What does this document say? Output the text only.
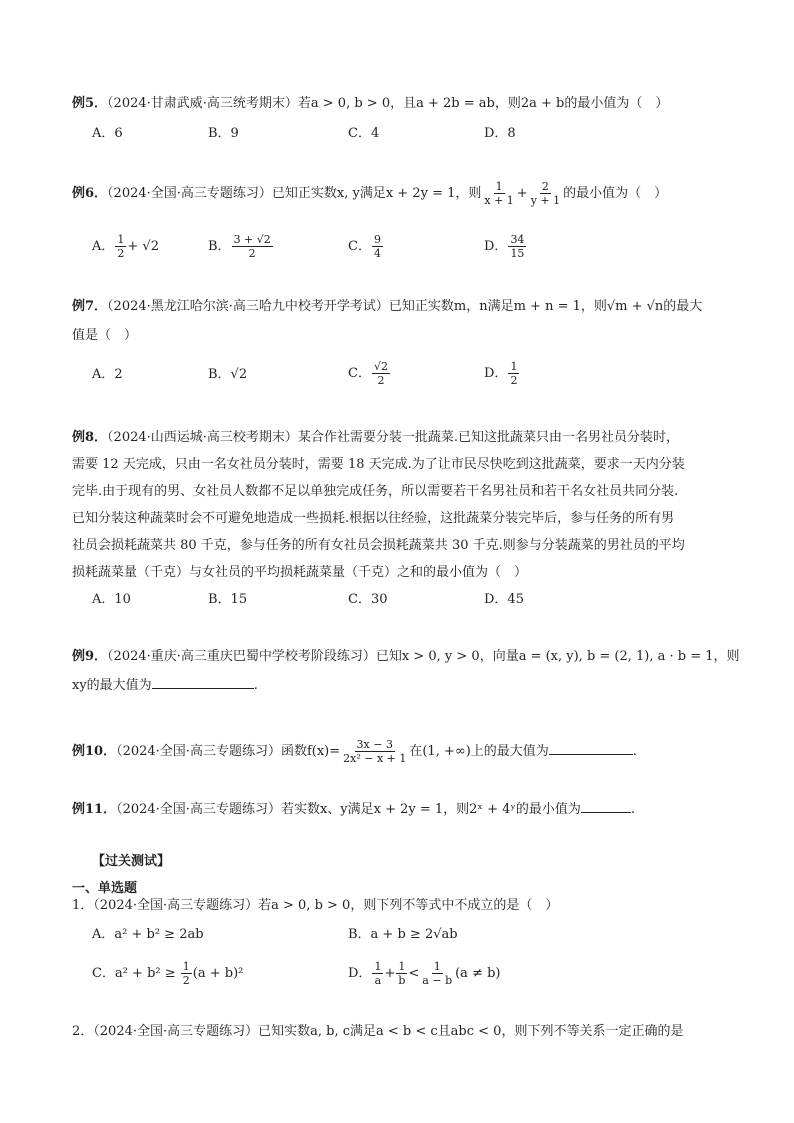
例5．（2024·甘肃武威·高三统考期末）若a > 0, b > 0，且a + 2b = ab，则2a + b的最小值为（　）
A．6	B．9	C．4	D．8
例6．（2024·全国·高三专题练习）已知正实数x, y满足x + 2y = 1，则 $\frac{1}{x + 1} + \frac{2}{y + 1}$ 的最小值为（　）
A． $\frac{1}{2} + √2$	B． $\frac{3 + √2}{2}$	C． $\frac{9}{4}$	D． $\frac{34}{15}$
例7．（2024·黑龙江哈尔滨·高三哈九中校考开学考试）已知正实数m，n满足m + n = 1，则√m + √n的最大
值是（　）
A．2	B．√2	C． $\frac{√2}{2}$	D． $\frac{1}{2}$
例8．（2024·山西运城·高三校考期末）某合作社需要分装一批蔬菜.已知这批蔬菜只由一名男社员分装时，
需要 12 天完成，只由一名女社员分装时，需要 18 天完成.为了让市民尽快吃到这批蔬菜，要求一天内分装
完毕.由于现有的男、女社员人数都不足以单独完成任务，所以需要若干名男社员和若干名女社员共同分装.
已知分装这种蔬菜时会不可避免地造成一些损耗.根据以往经验，这批蔬菜分装完毕后，参与任务的所有男
社员会损耗蔬菜共 80 千克，参与任务的所有女社员会损耗蔬菜共 30 千克.则参与分装蔬菜的男社员的平均
损耗蔬菜量（千克）与女社员的平均损耗蔬菜量（千克）之和的最小值为（　）
A．10	B．15	C．30	D．45
例9．（2024·重庆·高三重庆巴蜀中学校考阶段练习）已知x > 0, y > 0，向量a = (x, y), b = (2, 1), a · b = 1，则
xy的最大值为	.
例10．（2024·全国·高三专题练习）函数$f(x)= \frac{3x - 3}{\text{2x² − x + 1}}$ 在(1, +∞)上的最大值为	.
例11．（2024·全国·高三专题练习）若实数x、y满足x + 2y = 1，则2ˣ + 4ʸ的最小值为	.
【过关测试】
一、单选题
1．（2024·全国·高三专题练习）若a > 0, b > 0，则下列不等式中不成立的是（　）
A．a² + b² ≥ 2ab	B．a + b ≥ 2√ab
C．$a^2 + b^2 \ge \frac{1}{2} (a + b)^2$	D． $\frac{1}{a} + \frac{1}{b} < \frac{1}{a - b} (a \ne b)$
2．（2024·全国·高三专题练习）已知实数a, b, c满足a < b < c且abc < 0，则下列不等关系一定正确的是
